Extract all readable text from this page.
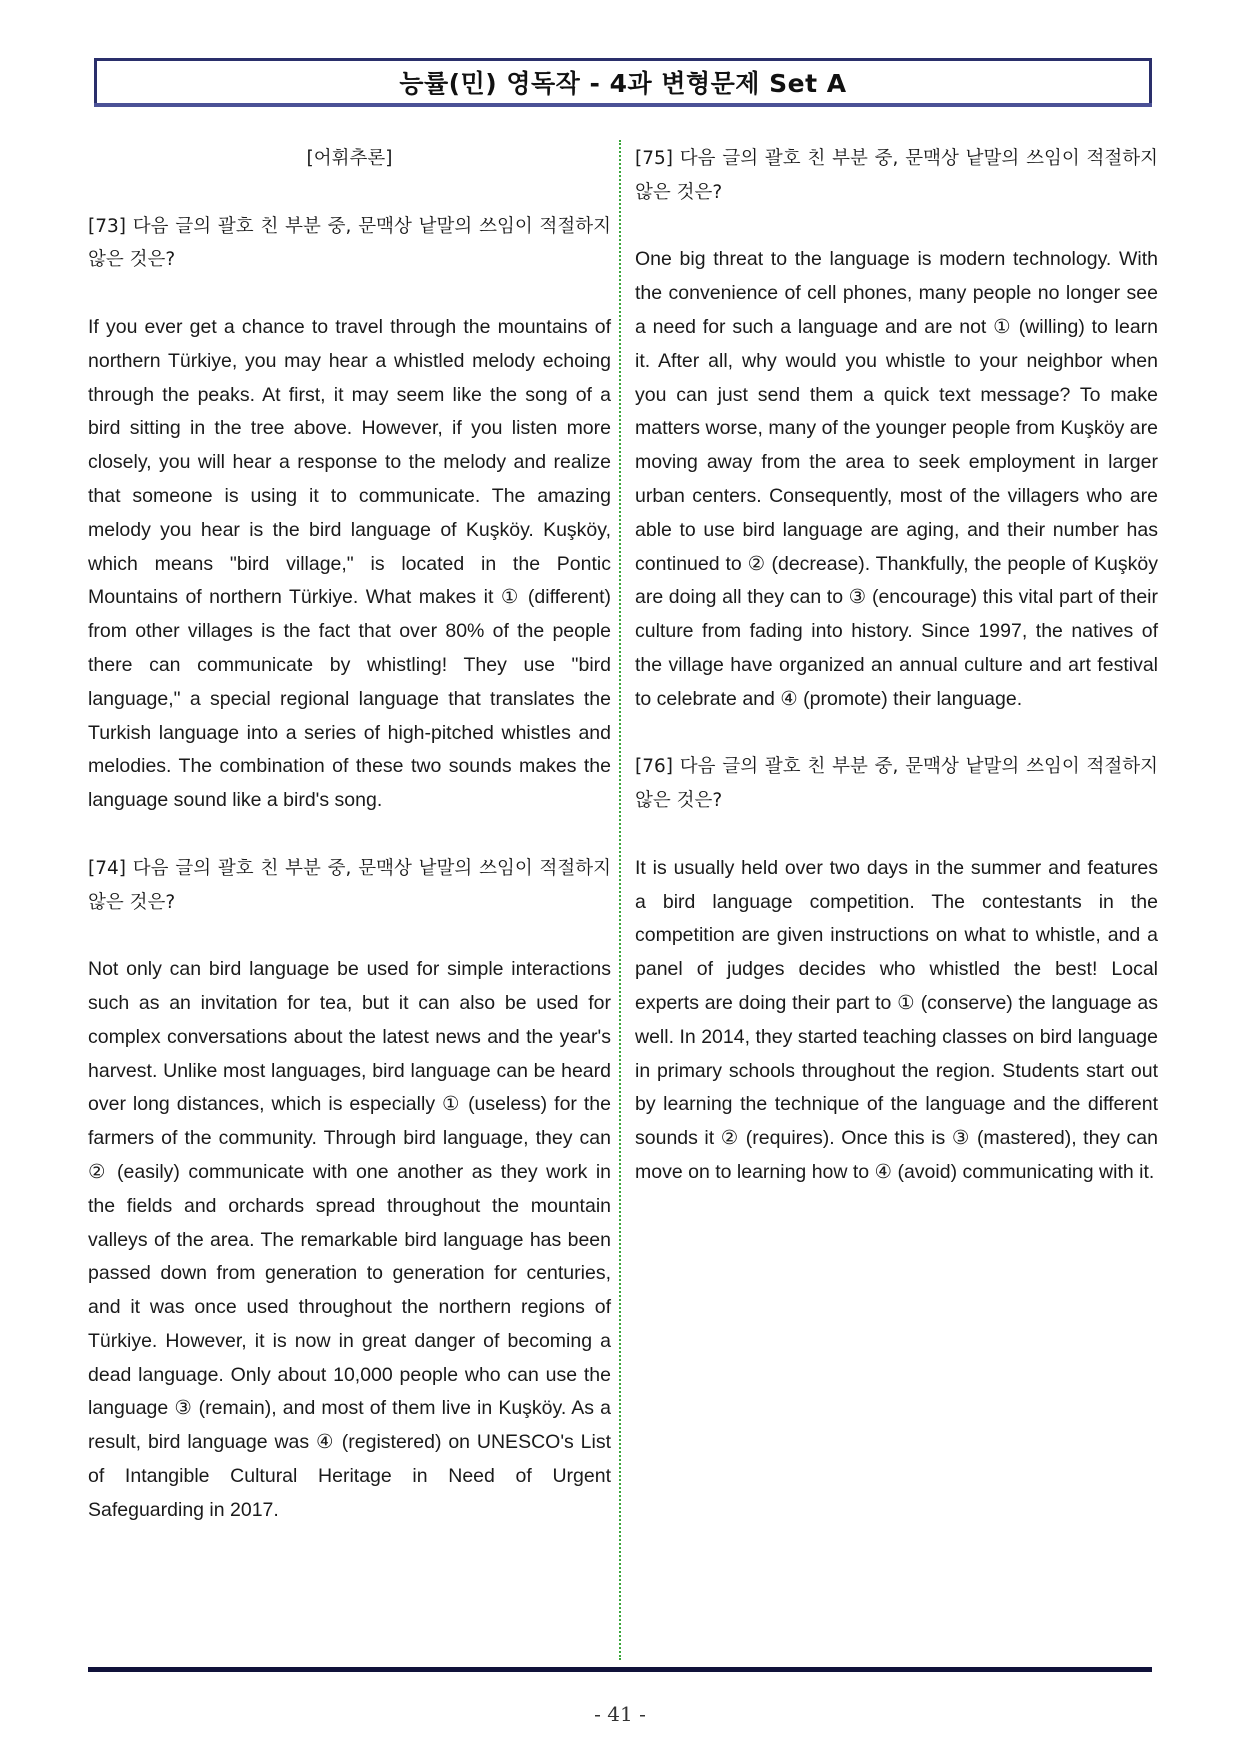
능률(민) 영독작 - 4과 변형문제 Set A

[어휘추론]

[73] 다음 글의 괄호 친 부분 중, 문맥상 낱말의 쓰임이 적절하지 않은 것은?

If you ever get a chance to travel through the mountains of northern Türkiye, you may hear a whistled melody echoing through the peaks. At first, it may seem like the song of a bird sitting in the tree above. However, if you listen more closely, you will hear a response to the melody and realize that someone is using it to communicate. The amazing melody you hear is the bird language of Kuşköy. Kuşköy, which means "bird village," is located in the Pontic Mountains of northern Türkiye. What makes it ① (different) from other villages is the fact that over 80% of the people there can communicate by whistling! They use "bird language," a special regional language that translates the Turkish language into a series of high-pitched whistles and melodies. The combination of these two sounds makes the language sound like a bird's song.

[74] 다음 글의 괄호 친 부분 중, 문맥상 낱말의 쓰임이 적절하지 않은 것은?

Not only can bird language be used for simple interactions such as an invitation for tea, but it can also be used for complex conversations about the latest news and the year's harvest. Unlike most languages, bird language can be heard over long distances, which is especially ① (useless) for the farmers of the community. Through bird language, they can ② (easily) communicate with one another as they work in the fields and orchards spread throughout the mountain valleys of the area. The remarkable bird language has been passed down from generation to generation for centuries, and it was once used throughout the northern regions of Türkiye. However, it is now in great danger of becoming a dead language. Only about 10,000 people who can use the language ③ (remain), and most of them live in Kuşköy. As a result, bird language was ④ (registered) on UNESCO's List of Intangible Cultural Heritage in Need of Urgent Safeguarding in 2017.

[75] 다음 글의 괄호 친 부분 중, 문맥상 낱말의 쓰임이 적절하지 않은 것은?

One big threat to the language is modern technology. With the convenience of cell phones, many people no longer see a need for such a language and are not ① (willing) to learn it. After all, why would you whistle to your neighbor when you can just send them a quick text message? To make matters worse, many of the younger people from Kuşköy are moving away from the area to seek employment in larger urban centers. Consequently, most of the villagers who are able to use bird language are aging, and their number has continued to ② (decrease). Thankfully, the people of Kuşköy are doing all they can to ③ (encourage) this vital part of their culture from fading into history. Since 1997, the natives of the village have organized an annual culture and art festival to celebrate and ④ (promote) their language.

[76] 다음 글의 괄호 친 부분 중, 문맥상 낱말의 쓰임이 적절하지 않은 것은?

It is usually held over two days in the summer and features a bird language competition. The contestants in the competition are given instructions on what to whistle, and a panel of judges decides who whistled the best! Local experts are doing their part to ① (conserve) the language as well. In 2014, they started teaching classes on bird language in primary schools throughout the region. Students start out by learning the technique of the language and the different sounds it ② (requires). Once this is ③ (mastered), they can move on to learning how to ④ (avoid) communicating with it.

- 41 -
